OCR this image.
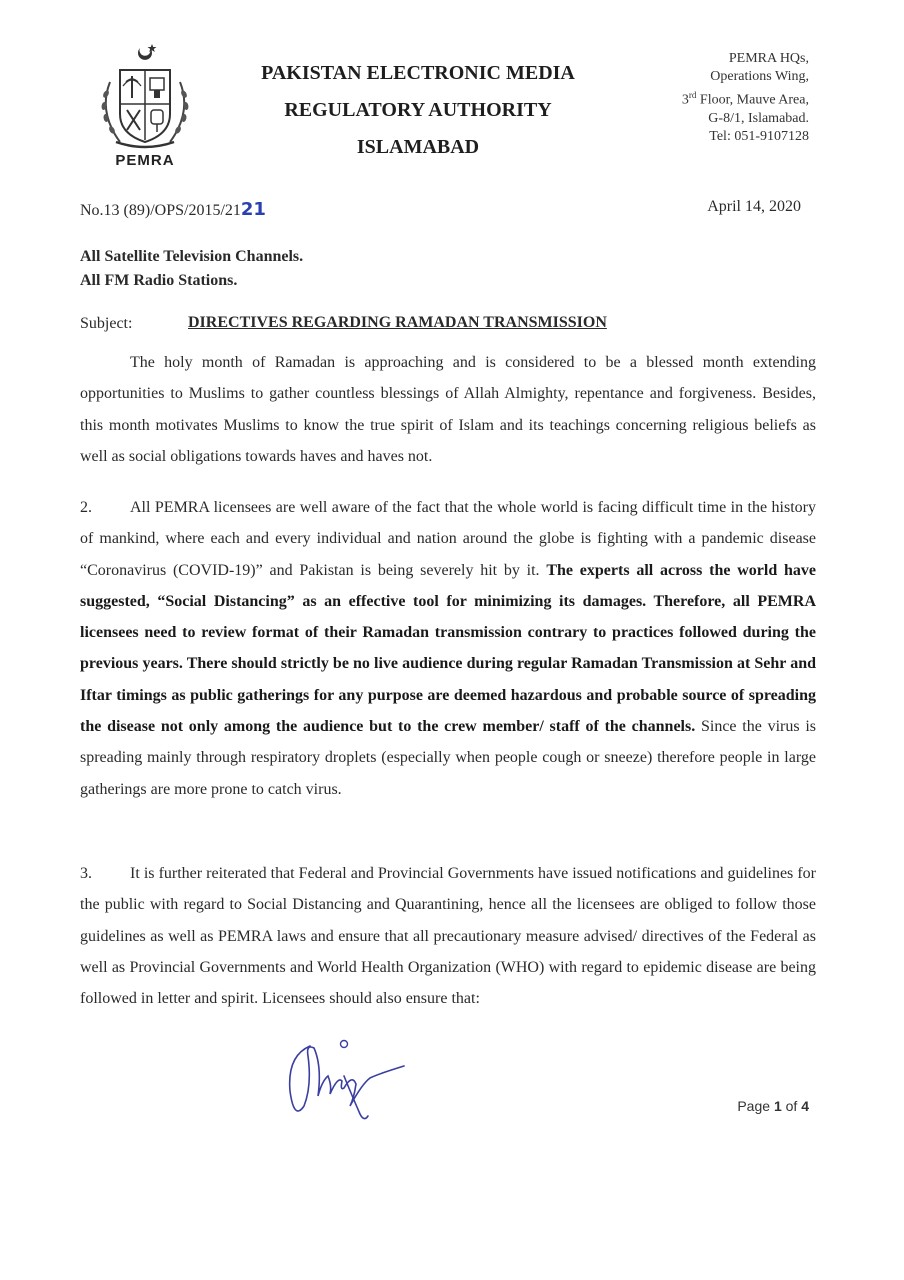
PEMRA
PAKISTAN ELECTRONIC MEDIA
REGULATORY AUTHORITY
ISLAMABAD
PEMRA HQs,
Operations Wing,
3rd Floor, Mauve Area,
G-8/1, Islamabad.
Tel: 051-9107128
No.13 (89)/OPS/2015/2121	April 14, 2020
All Satellite Television Channels.
All FM Radio Stations.
Subject:	DIRECTIVES REGARDING RAMADAN TRANSMISSION
The holy month of Ramadan is approaching and is considered to be a blessed month extending opportunities to Muslims to gather countless blessings of Allah Almighty, repentance and forgiveness. Besides, this month motivates Muslims to know the true spirit of Islam and its teachings concerning religious beliefs as well as social obligations towards haves and haves not.
2. All PEMRA licensees are well aware of the fact that the whole world is facing difficult time in the history of mankind, where each and every individual and nation around the globe is fighting with a pandemic disease “Coronavirus (COVID-19)” and Pakistan is being severely hit by it. The experts all across the world have suggested, “Social Distancing” as an effective tool for minimizing its damages. Therefore, all PEMRA licensees need to review format of their Ramadan transmission contrary to practices followed during the previous years. There should strictly be no live audience during regular Ramadan Transmission at Sehr and Iftar timings as public gatherings for any purpose are deemed hazardous and probable source of spreading the disease not only among the audience but to the crew member/ staff of the channels. Since the virus is spreading mainly through respiratory droplets (especially when people cough or sneeze) therefore people in large gatherings are more prone to catch virus.
3. It is further reiterated that Federal and Provincial Governments have issued notifications and guidelines for the public with regard to Social Distancing and Quarantining, hence all the licensees are obliged to follow those guidelines as well as PEMRA laws and ensure that all precautionary measure advised/ directives of the Federal as well as Provincial Governments and World Health Organization (WHO) with regard to epidemic disease are being followed in letter and spirit. Licensees should also ensure that:
Page 1 of 4
